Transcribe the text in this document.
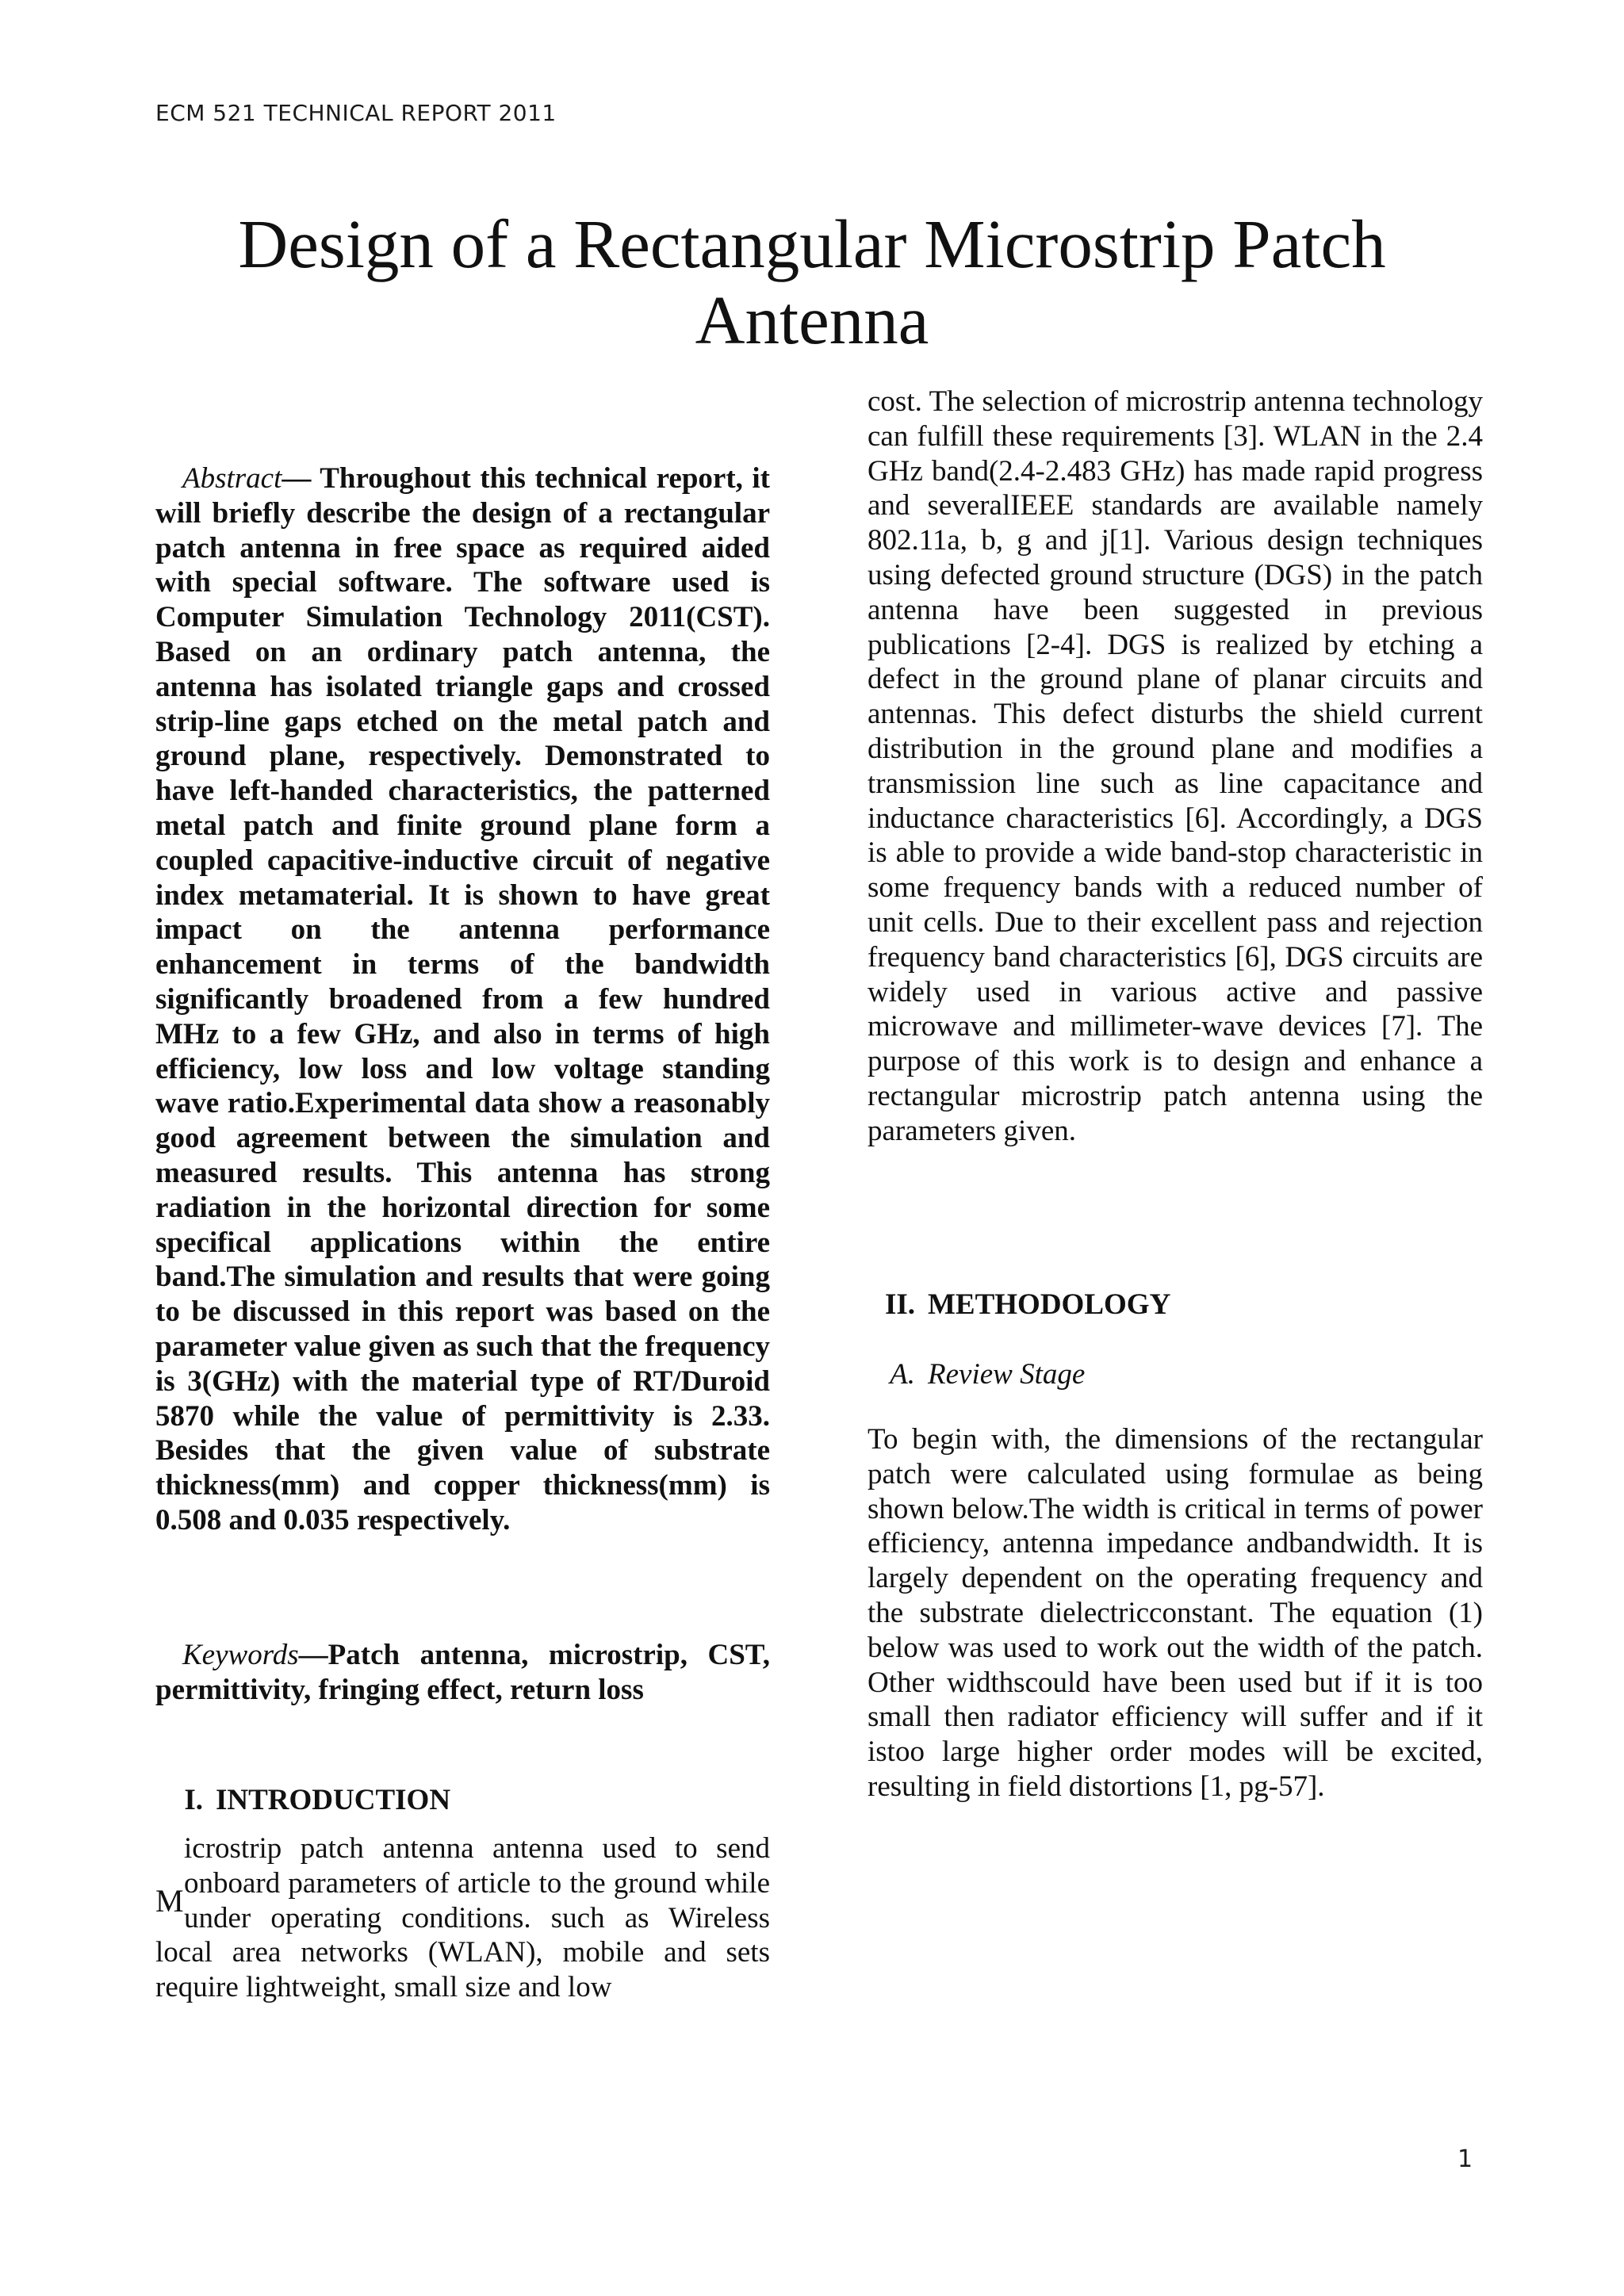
ECM 521 TECHNICAL REPORT 2011
Design of a Rectangular Microstrip Patch
Antenna

Abstract— Throughout this technical report, it will briefly describe the design of a rectangular patch antenna in free space as required aided with special software. The software used is Computer Simulation Technology 2011(CST). Based on an ordinary patch antenna, the antenna has isolated triangle gaps and crossed strip-line gaps etched on the metal patch and ground plane, respectively. Demonstrated to have left-handed characteristics, the patterned metal patch and finite ground plane form a coupled capacitive-inductive circuit of negative index metamaterial. It is shown to have great impact on the antenna performance enhancement in terms of the bandwidth significantly broadened from a few hundred MHz to a few GHz, and also in terms of high efficiency, low loss and low voltage standing wave ratio.Experimental data show a reasonably good agreement between the simulation and measured results. This antenna has strong radiation in the horizontal direction for some specifical applications within the entire band.The simulation and results that were going to be discussed in this report was based on the parameter value given as such that the frequency is 3(GHz) with the material type of RT/Duroid 5870 while the value of permittivity is 2.33. Besides that the given value of substrate thickness(mm) and copper thickness(mm) is 0.508 and 0.035 respectively.

Keywords—Patch antenna, microstrip, CST, permittivity, fringing effect, return loss

I. INTRODUCTION

M
icrostrip patch antenna antenna used to send onboard parameters of article to the ground while under operating conditions. such as Wireless local area networks (WLAN), mobile and sets require lightweight, small size and low

cost. The selection of microstrip antenna technology can fulfill these requirements [3]. WLAN in the 2.4 GHz band(2.4-2.483 GHz) has made rapid progress and severalIEEE standards are available namely 802.11a, b, g and j[1]. Various design techniques using defected ground structure (DGS) in the patch antenna have been suggested in previous publications [2-4]. DGS is realized by etching a defect in the ground plane of planar circuits and antennas. This defect disturbs the shield current distribution in the ground plane and modifies a transmission line such as line capacitance and inductance characteristics [6]. Accordingly, a DGS is able to provide a wide band-stop characteristic in some frequency bands with a reduced number of unit cells. Due to their excellent pass and rejection frequency band characteristics [6], DGS circuits are widely used in various active and passive microwave and millimeter-wave devices [7]. The purpose of this work is to design and enhance a rectangular microstrip patch antenna using the parameters given.

II. METHODOLOGY
A. Review Stage

To begin with, the dimensions of the rectangular patch were calculated using formulae as being shown below.The width is critical in terms of power efficiency, antenna impedance andbandwidth. It is largely dependent on the operating frequency and the substrate dielectricconstant. The equation (1) below was used to work out the width of the patch. Other widthscould have been used but if it is too small then radiator efficiency will suffer and if it istoo large higher order modes will be excited, resulting in field distortions [1, pg-57].

1
